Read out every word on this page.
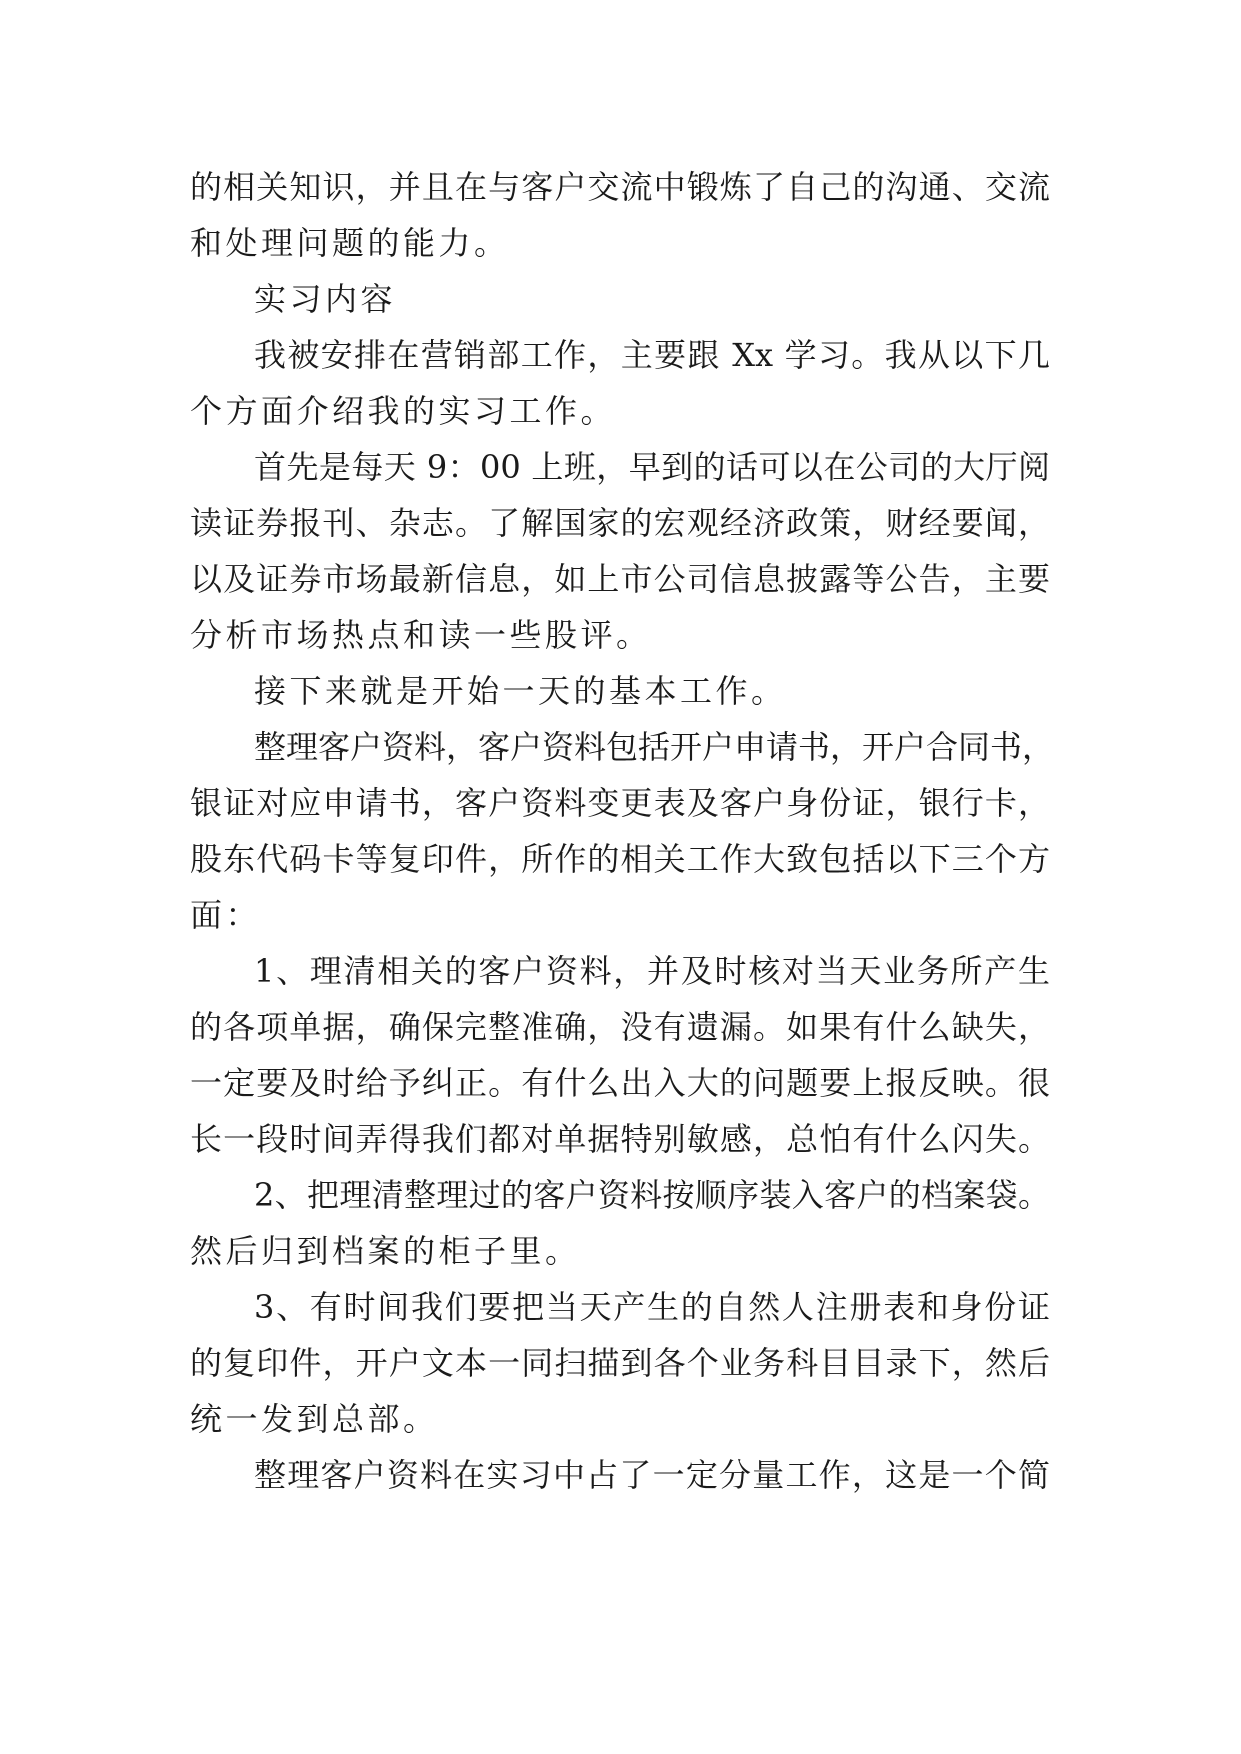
的相关知识，并且在与客户交流中锻炼了自己的沟通、交流
和处理问题的能力。
实习内容
我被安排在营销部工作，主要跟 Xx 学习。我从以下几
个方面介绍我的实习工作。
首先是每天 9：00 上班，早到的话可以在公司的大厅阅
读证券报刊、杂志。了解国家的宏观经济政策，财经要闻，
以及证券市场最新信息，如上市公司信息披露等公告，主要
分析市场热点和读一些股评。
接下来就是开始一天的基本工作。
整理客户资料，客户资料包括开户申请书，开户合同书，
银证对应申请书，客户资料变更表及客户身份证，银行卡，
股东代码卡等复印件，所作的相关工作大致包括以下三个方
面：
1、理清相关的客户资料，并及时核对当天业务所产生
的各项单据，确保完整准确，没有遗漏。如果有什么缺失，
一定要及时给予纠正。有什么出入大的问题要上报反映。很
长一段时间弄得我们都对单据特别敏感，总怕有什么闪失。
2、把理清整理过的客户资料按顺序装入客户的档案袋。
然后归到档案的柜子里。
3、有时间我们要把当天产生的自然人注册表和身份证
的复印件，开户文本一同扫描到各个业务科目目录下，然后
统一发到总部。
整理客户资料在实习中占了一定分量工作，这是一个简
